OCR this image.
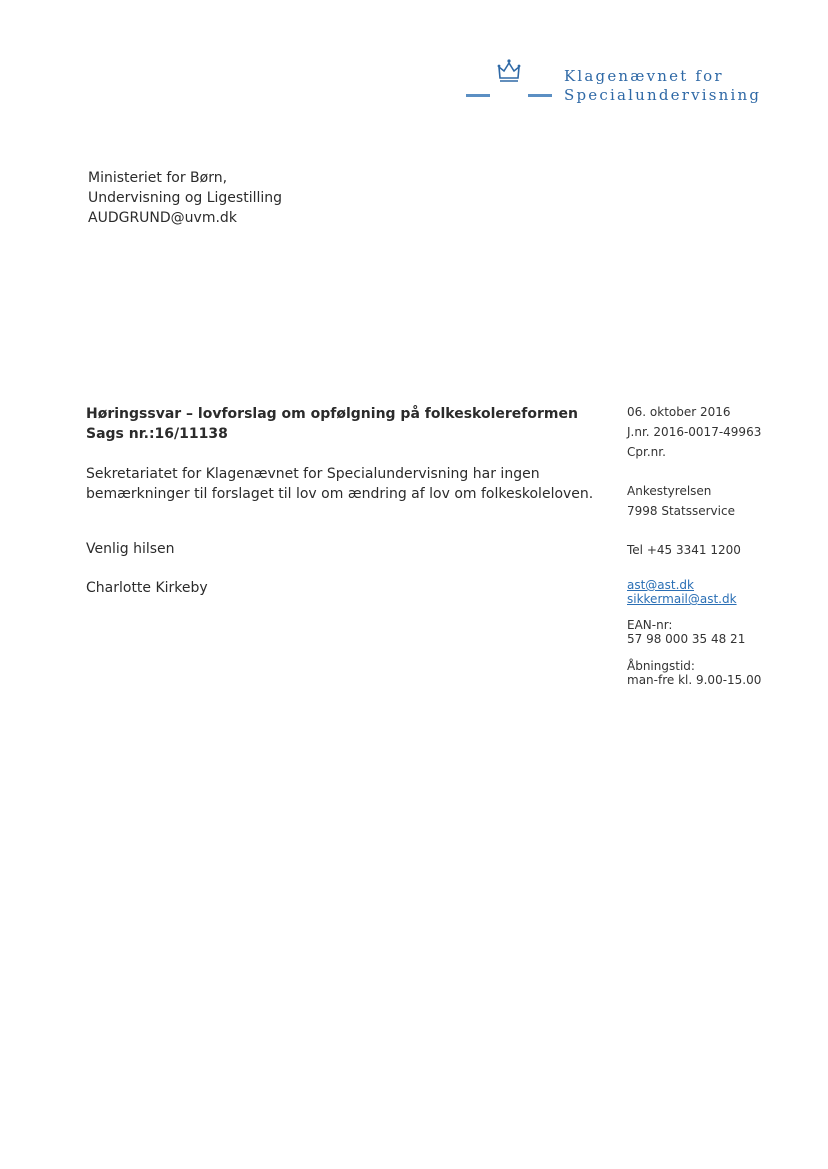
Klagenævnet for
Specialundervisning
Ministeriet for Børn,
Undervisning og Ligestilling
AUDGRUND@uvm.dk
Høringssvar – lovforslag om opfølgning på folkeskolereformen
Sags nr.:16/11138
Sekretariatet for Klagenævnet for Specialundervisning har ingen
bemærkninger til forslaget til lov om ændring af lov om folkeskoleloven.
Venlig hilsen
Charlotte Kirkeby
06. oktober 2016
J.nr. 2016-0017-49963
Cpr.nr.
Ankestyrelsen
7998 Statsservice
Tel +45 3341 1200
ast@ast.dk
sikkermail@ast.dk
EAN-nr:
57 98 000 35 48 21
Åbningstid:
man-fre kl. 9.00-15.00
